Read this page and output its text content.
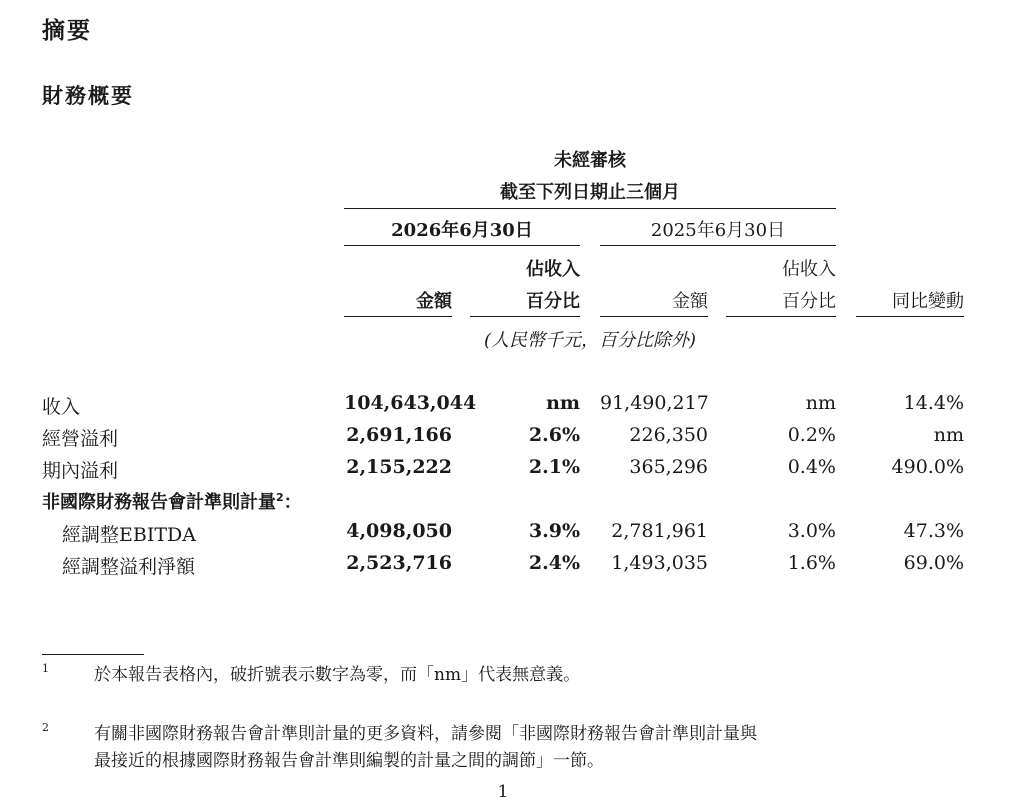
摘要
財務概要
未經審核
截至下列日期止三個月
2026年6月30日	2025年6月30日
佔收入	佔收入
金額	百分比	金額	百分比	同比變動
(人民幣千元，百分比除外)
收入	104,643,044	nm 91,490,217	nm	14.4%
經營溢利	2,691,166	2.6%	226,350	0.2%	nm
期內溢利	2,155,222	2.1%	365,296	0.4%	490.0%
非國際財務報告會計準則計量$^2$：
經調整EBITDA	4,098,050	3.9%	2,781,961	3.0%	47.3%
經調整溢利淨額	2,523,716	2.4%	1,493,035	1.6%	69.0%
1	於本報告表格內，破折號表示數字為零，而「nm」代表無意義。
2	有關非國際財務報告會計準則計量的更多資料，請參閱「非國際財務報告會計準則計量與
最接近的根據國際財務報告會計準則編製的計量之間的調節」一節。
1
